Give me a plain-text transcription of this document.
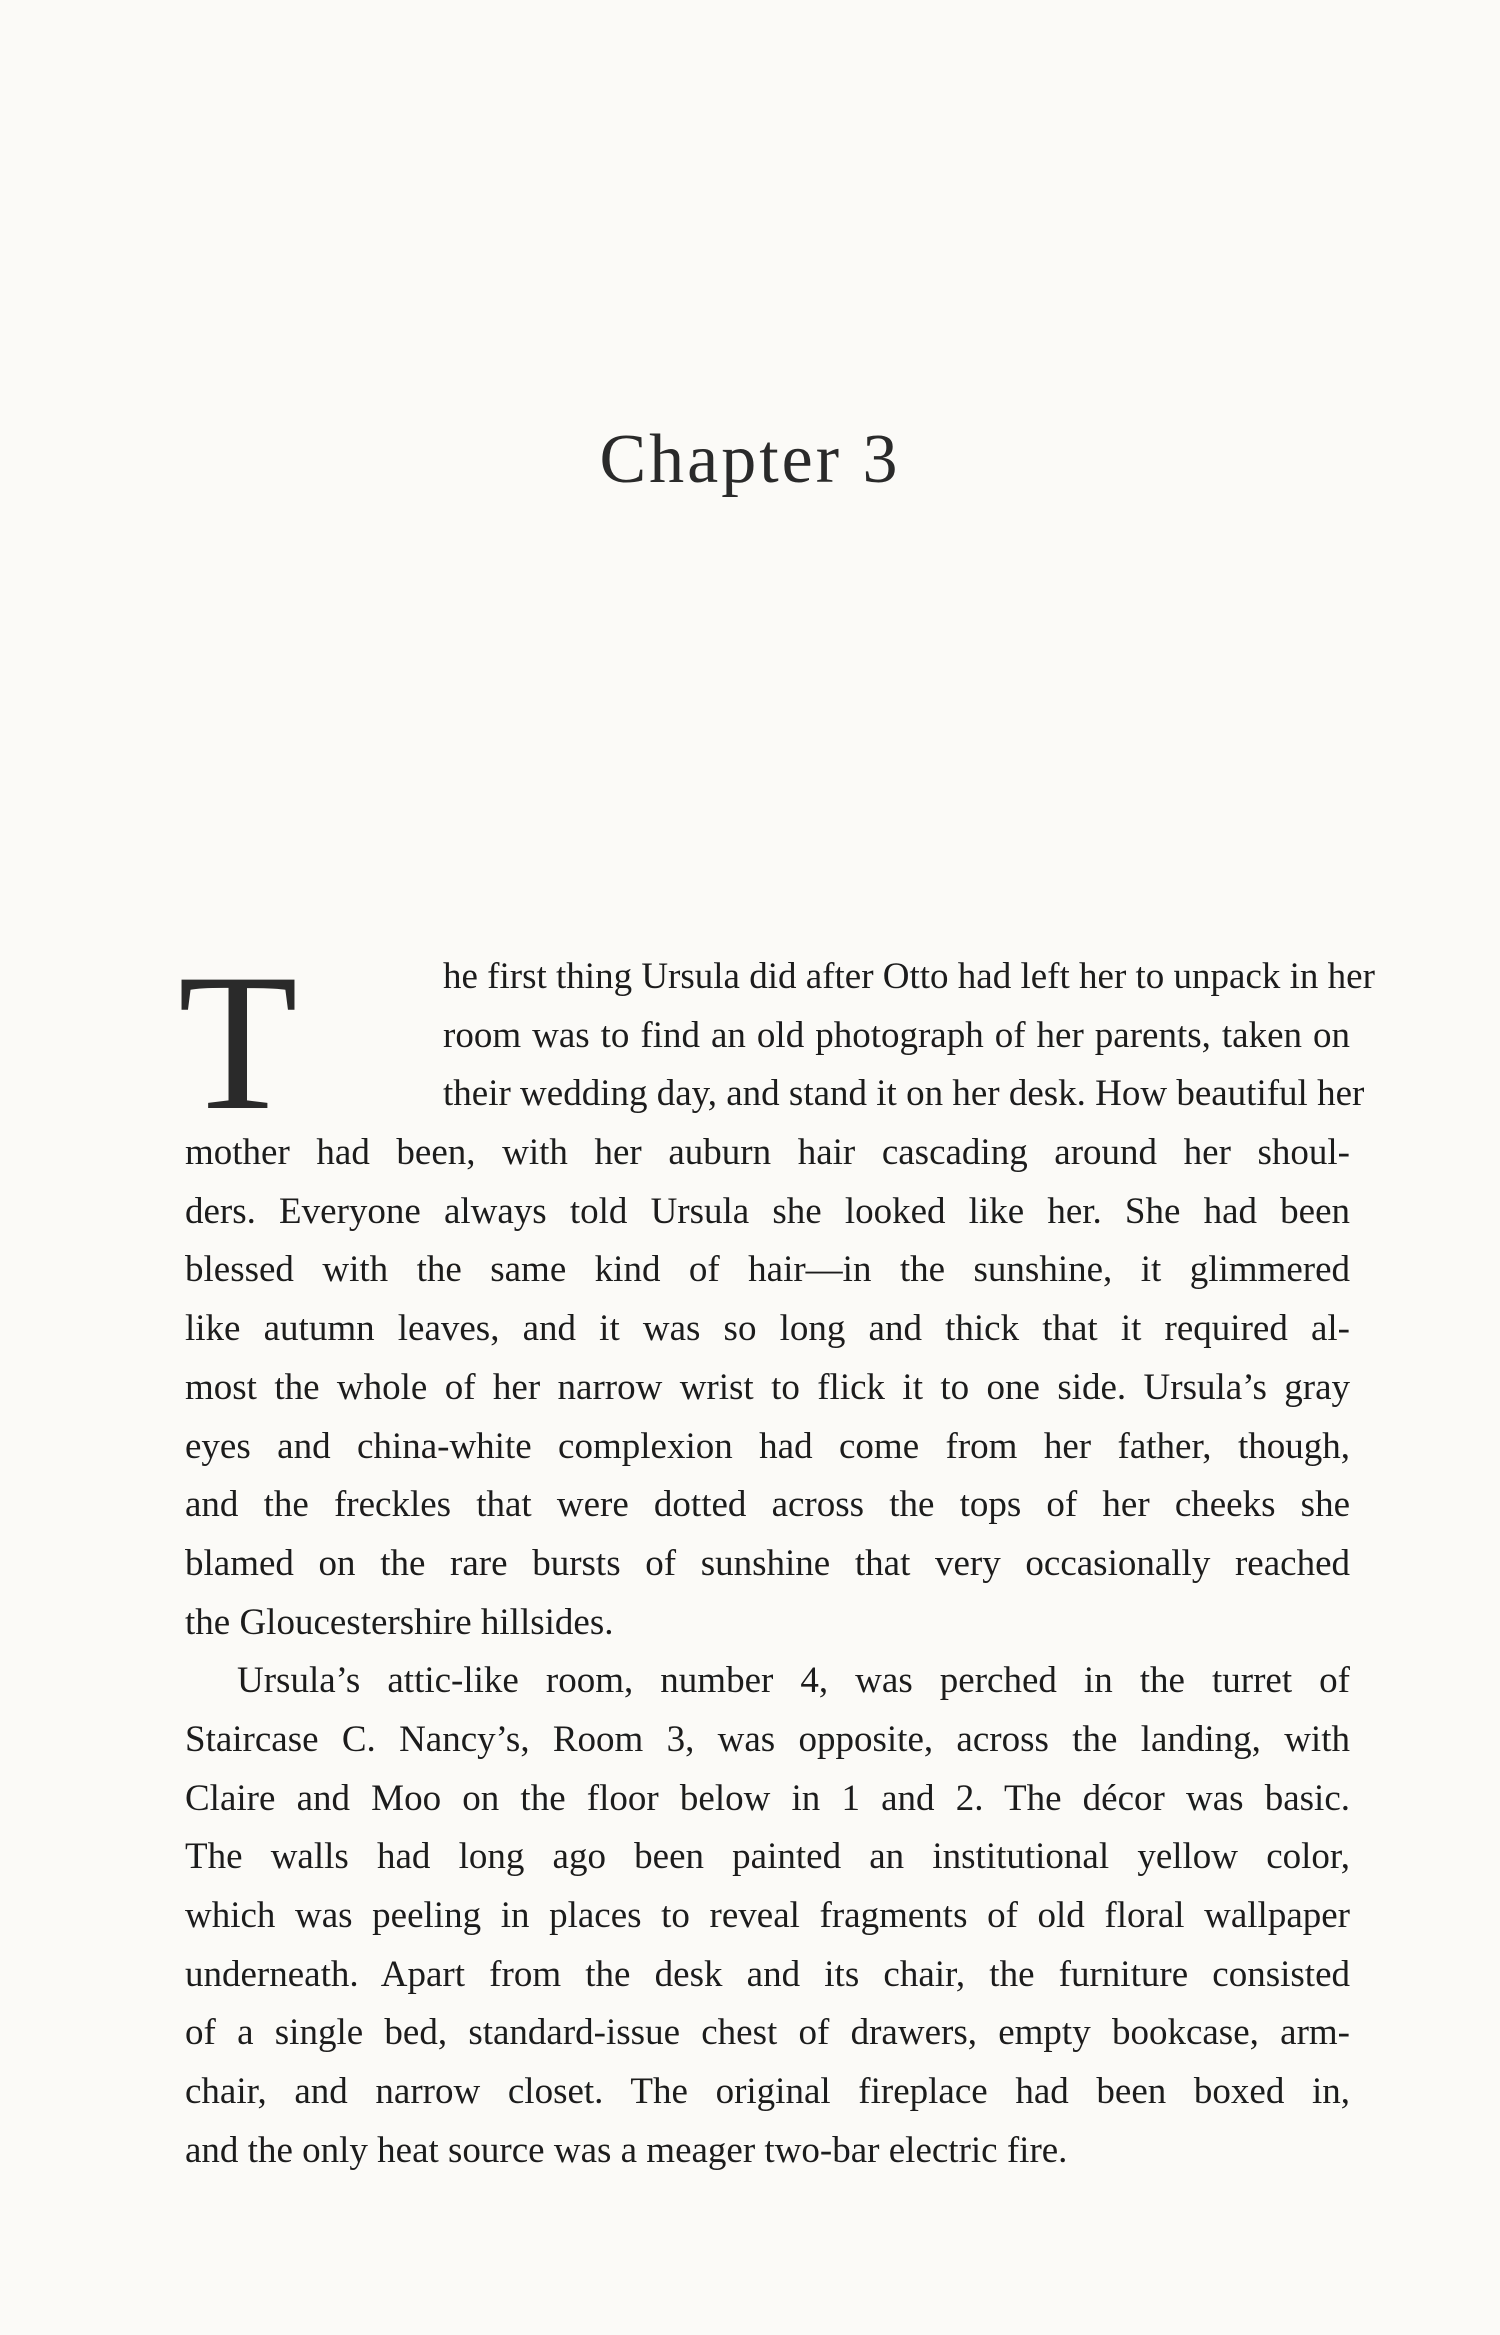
Chapter 3
T	he first thing Ursula did after Otto had left her to unpack in her
room was to find an old photograph of her parents, taken on
their wedding day, and stand it on her desk. How beautiful her
mother had been, with her auburn hair cascading around her shoul-
ders. Everyone always told Ursula she looked like her. She had been
blessed with the same kind of hair—in the sunshine, it glimmered
like autumn leaves, and it was so long and thick that it required al-
most the whole of her narrow wrist to flick it to one side. Ursula’s gray
eyes and china-white complexion had come from her father, though,
and the freckles that were dotted across the tops of her cheeks she
blamed on the rare bursts of sunshine that very occasionally reached
the Gloucestershire hillsides.
Ursula’s attic-like room, number 4, was perched in the turret of
Staircase C. Nancy’s, Room 3, was opposite, across the landing, with
Claire and Moo on the floor below in 1 and 2. The décor was basic.
The walls had long ago been painted an institutional yellow color,
which was peeling in places to reveal fragments of old floral wallpaper
underneath. Apart from the desk and its chair, the furniture consisted
of a single bed, standard-issue chest of drawers, empty bookcase, arm-
chair, and narrow closet. The original fireplace had been boxed in,
and the only heat source was a meager two-bar electric fire.
